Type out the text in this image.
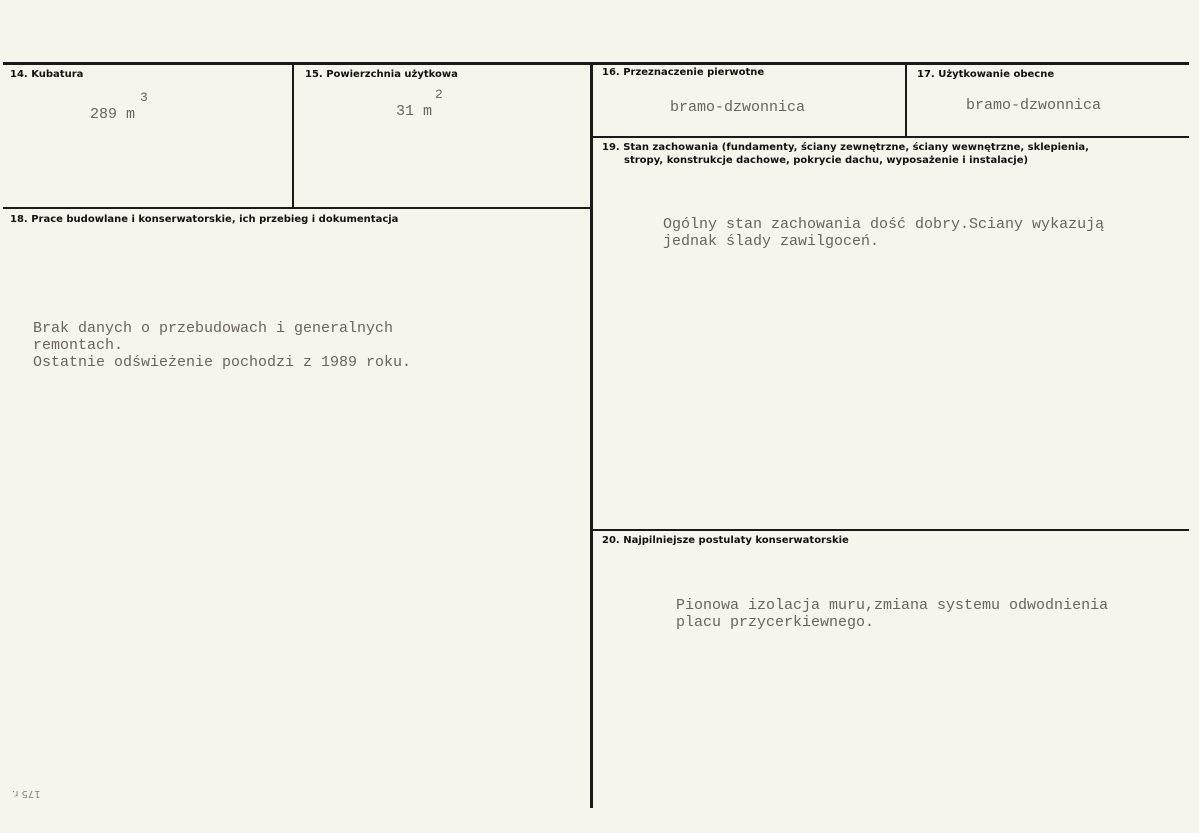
14. Kubatura
3
289 m
15. Powierzchnia użytkowa
2
31 m
16. Przeznaczenie pierwotne
bramo-dzwonnica
17. Użytkowanie obecne
bramo-dzwonnica
18. Prace budowlane i konserwatorskie, ich przebieg i dokumentacja
Brak danych o przebudowach i generalnych
remontach.
Ostatnie odświeżenie pochodzi z 1989 roku.
19. Stan zachowania (fundamenty, ściany zewnętrzne, ściany wewnętrzne, sklepienia,
stropy, konstrukcje dachowe, pokrycie dachu, wyposażenie i instalacje)
Ogólny stan zachowania dość dobry.Sciany wykazują
jednak ślady zawilgoceń.
20. Najpilniejsze postulaty konserwatorskie
Pionowa izolacja muru,zmiana systemu odwodnienia
placu przycerkiewnego.
175 r.
